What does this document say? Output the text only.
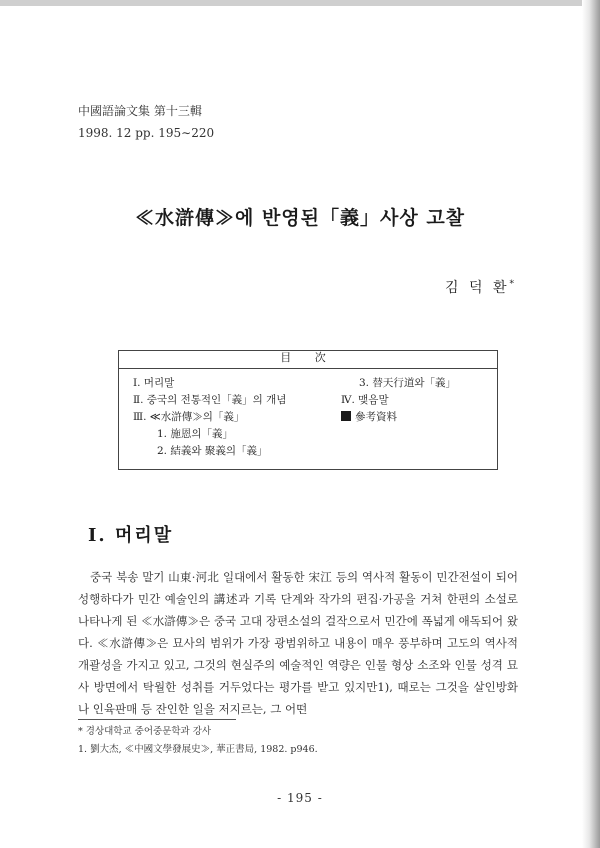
中國語論文集 第十三輯
1998. 12 pp. 195∼220
≪水滸傳≫에 반영된「義」사상 고찰
김 덕 환*
目 次
Ⅰ. 머리말
Ⅱ. 중국의 전통적인「義」의 개념
Ⅲ. ≪水滸傳≫의「義」
1. 施恩의「義」
2. 結義와 聚義의「義」
3. 替天行道와「義」
Ⅳ. 맺음말
參考資料
Ⅰ. 머리말

중국 북송 말기 山東·河北 일대에서 활동한 宋江 등의 역사적 활동이 민간전설이 되어 성행하다가 민간 예술인의 講述과 기록 단계와 작가의 편집·가공을 거쳐 한편의 소설로 나타나게 된 ≪水滸傳≫은 중국 고대 장편소설의 걸작으로서 민간에 폭넓게 애독되어 왔다. ≪水滸傳≫은 묘사의 범위가 가장 광범위하고 내용이 매우 풍부하며 고도의 역사적 개괄성을 가지고 있고, 그것의 현실주의 예술적인 역량은 인물 형상 소조와 인물 성격 묘사 방면에서 탁월한 성취를 거두었다는 평가를 받고 있지만1), 때로는 그것을 살인방화나 인육판매 등 잔인한 일을 저지르는, 그 어떤

* 경상대학교 중어중문학과 강사
1. 劉大杰, ≪中國文學發展史≫, 華正書局, 1982. p946.
- 195 -
